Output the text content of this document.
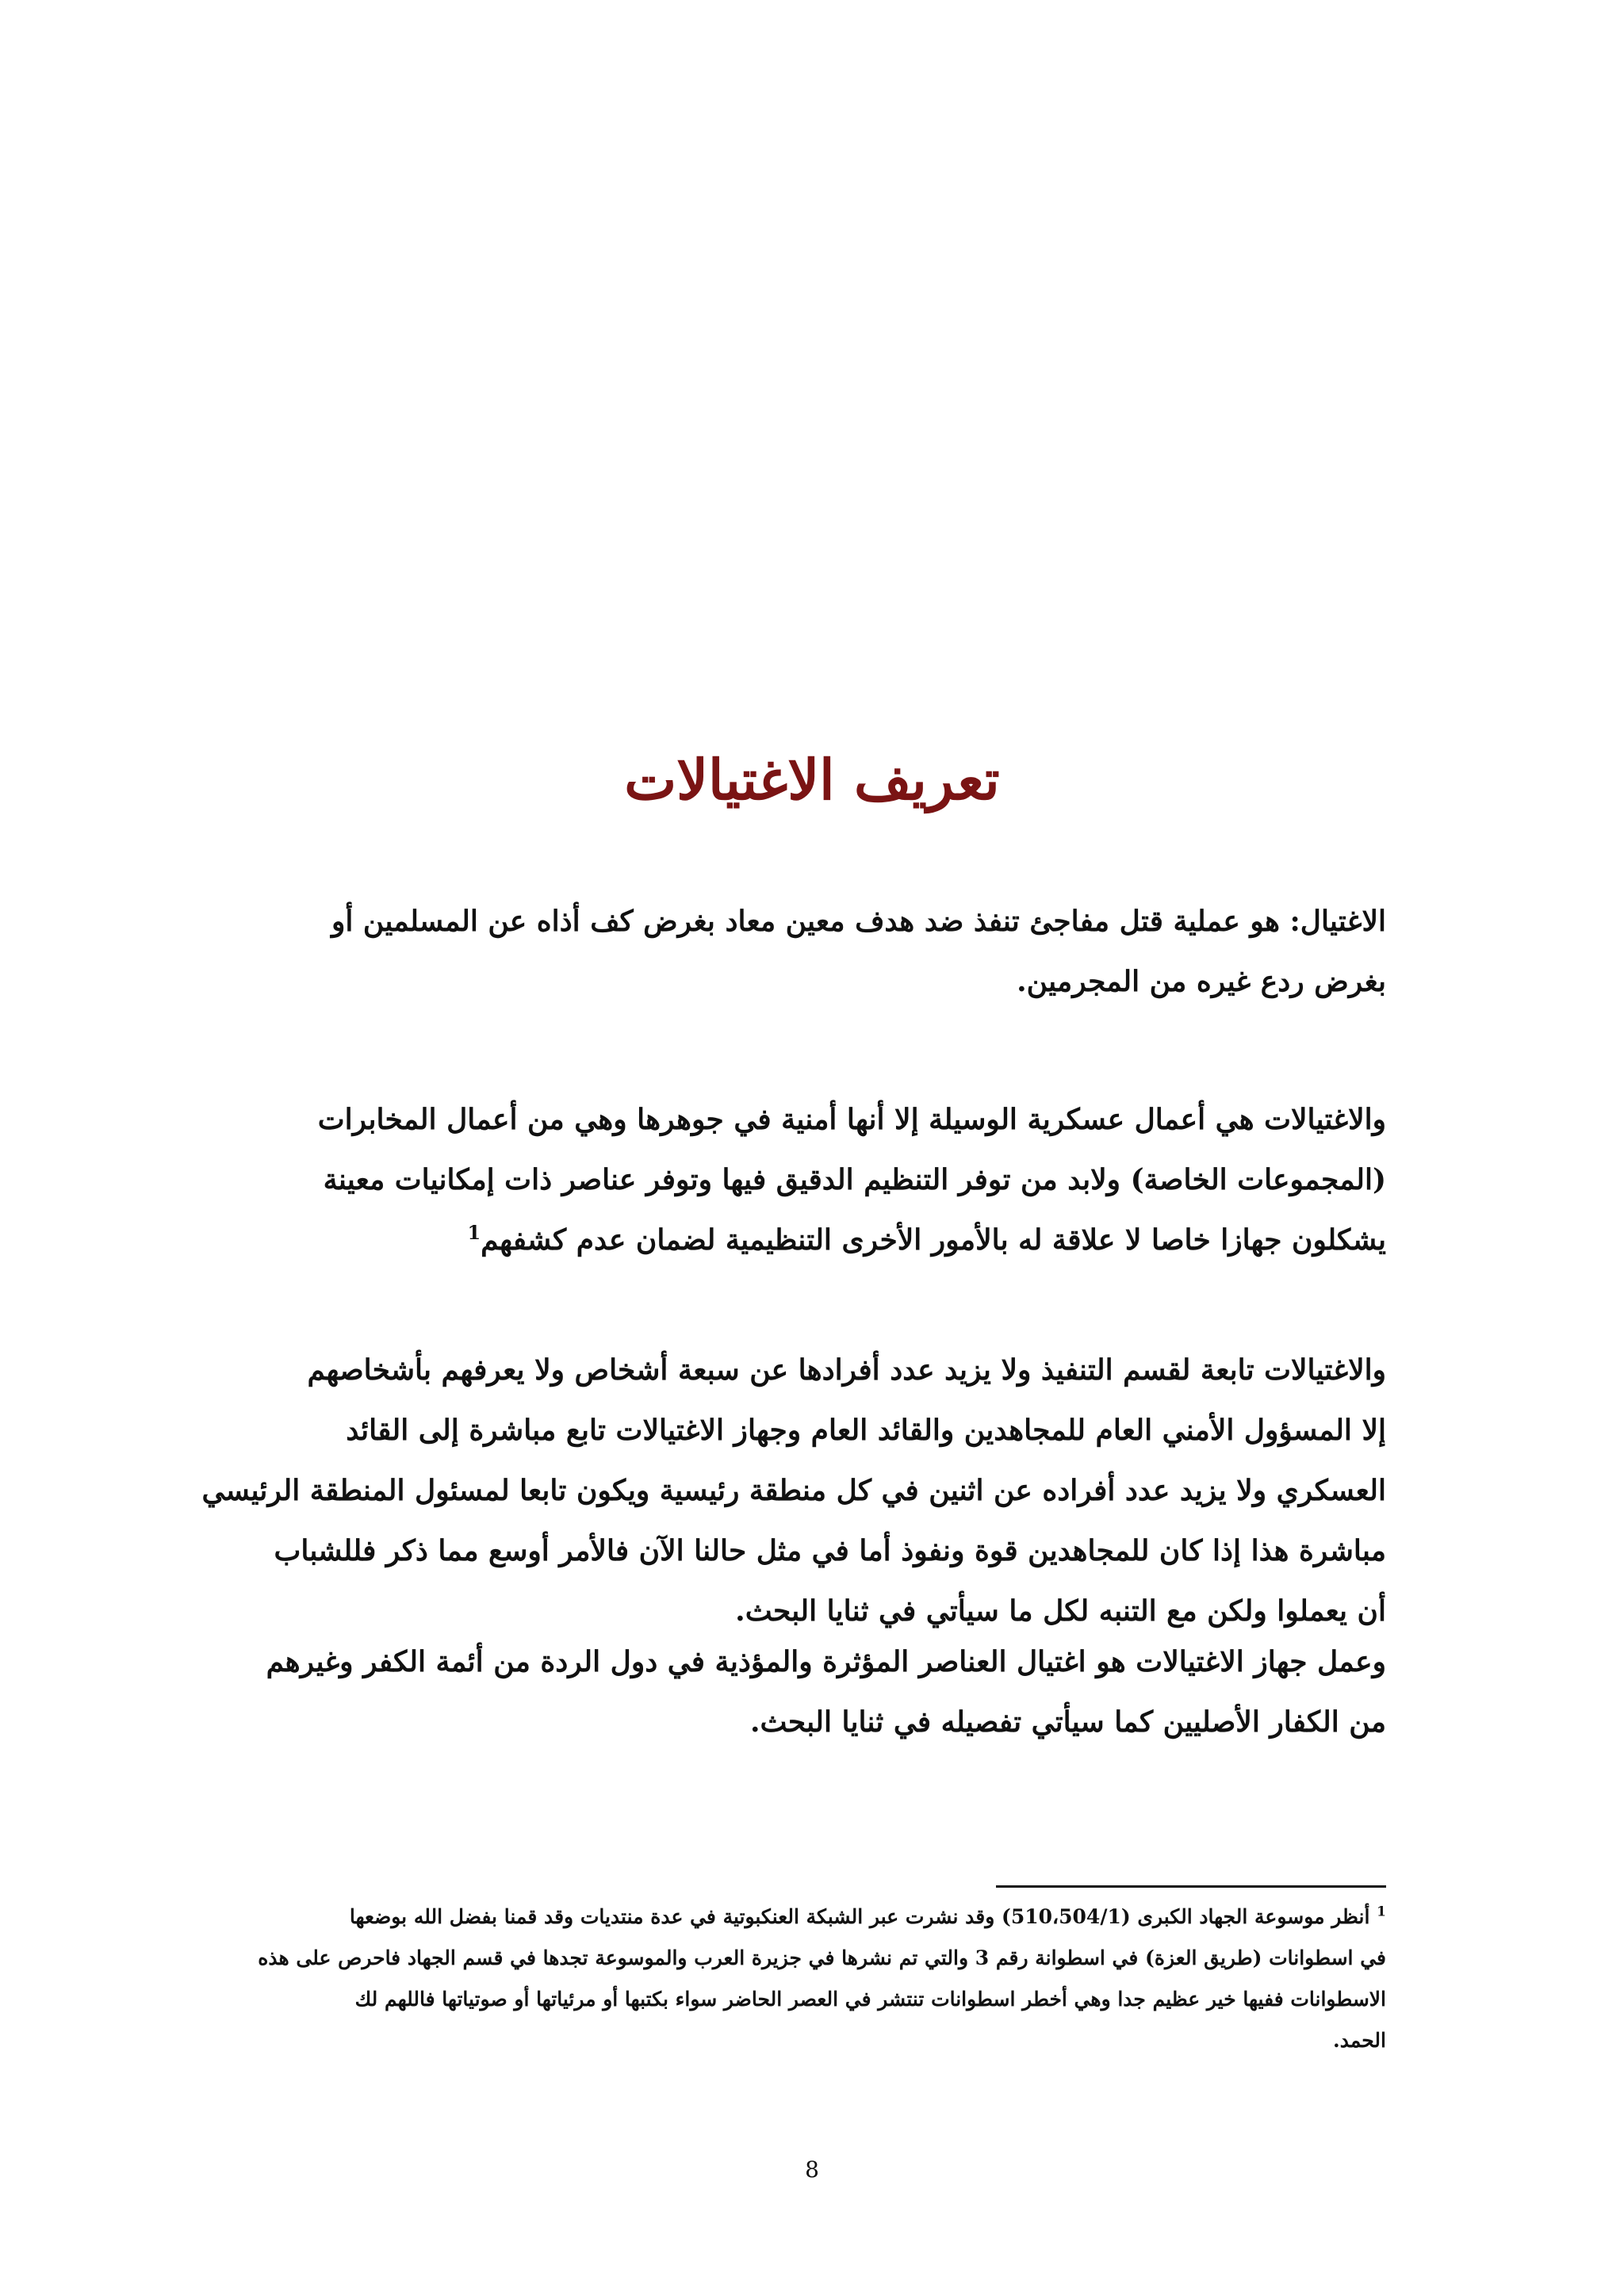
تعريف الاغتيالات
الاغتيال: هو عملية قتل مفاجئ تنفذ ضد هدف معين معاد بغرض كف أذاه عن المسلمين أو
بغرض ردع غيره من المجرمين.
والاغتيالات هي أعمال عسكرية الوسيلة إلا أنها أمنية في جوهرها وهي من أعمال المخابرات
(المجموعات الخاصة) ولابد من توفر التنظيم الدقيق فيها وتوفر عناصر ذات إمكانيات معينة
يشكلون جهازا خاصا لا علاقة له بالأمور الأخرى التنظيمية لضمان عدم كشفهم$^1$
والاغتيالات تابعة لقسم التنفيذ ولا يزيد عدد أفرادها عن سبعة أشخاص ولا يعرفهم بأشخاصهم
إلا المسؤول الأمني العام للمجاهدين والقائد العام وجهاز الاغتيالات تابع مباشرة إلى القائد
العسكري ولا يزيد عدد أفراده عن اثنين في كل منطقة رئيسية ويكون تابعا لمسئول المنطقة الرئيسي
مباشرة هذا إذا كان للمجاهدين قوة ونفوذ أما في مثل حالنا الآن فالأمر أوسع مما ذكر فللشباب
أن يعملوا ولكن مع التنبه لكل ما سيأتي في ثنايا البحث.
وعمل جهاز الاغتيالات هو اغتيال العناصر المؤثرة والمؤذية في دول الردة من أئمة الكفر وغيرهم
من الكفار الأصليين كما سيأتي تفصيله في ثنايا البحث.
$^1$ أنظر موسوعة الجهاد الكبرى (510،504/1) وقد نشرت عبر الشبكة العنكبوتية في عدة منتديات وقد قمنا بفضل الله بوضعها
في اسطوانات (طريق العزة) في اسطوانة رقم 3 والتي تم نشرها في جزيرة العرب والموسوعة تجدها في قسم الجهاد فاحرص على هذه
الاسطوانات ففيها خير عظيم جدا وهي أخطر اسطوانات تنتشر في العصر الحاضر سواء بكتبها أو مرئياتها أو صوتياتها فاللهم لك
الحمد.
8
